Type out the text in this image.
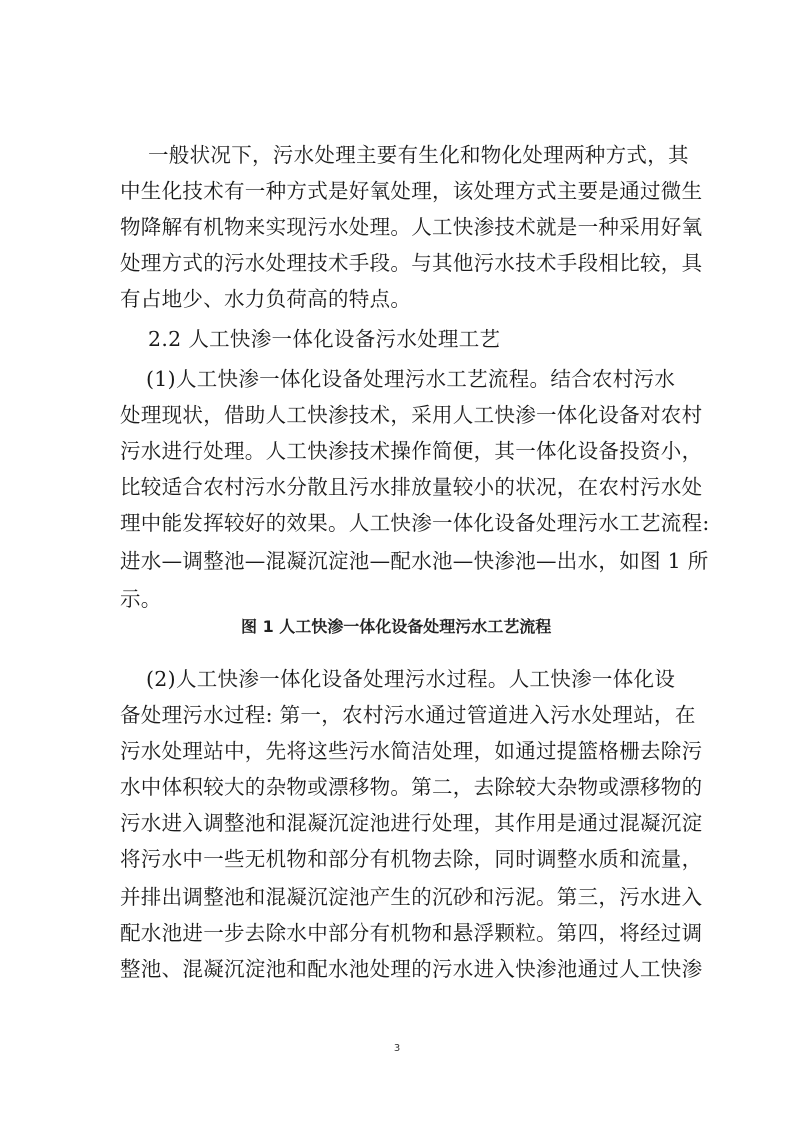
一般状况下，污水处理主要有生化和物化处理两种方式，其
中生化技术有一种方式是好氧处理，该处理方式主要是通过微生
物降解有机物来实现污水处理。人工快渗技术就是一种采用好氧
处理方式的污水处理技术手段。与其他污水技术手段相比较，具
有占地少、水力负荷高的特点。
2.2 人工快渗一体化设备污水处理工艺
(1)人工快渗一体化设备处理污水工艺流程。结合农村污水
处理现状，借助人工快渗技术，采用人工快渗一体化设备对农村
污水进行处理。人工快渗技术操作简便，其一体化设备投资小，
比较适合农村污水分散且污水排放量较小的状况，在农村污水处
理中能发挥较好的效果。人工快渗一体化设备处理污水工艺流程:
进水—调整池—混凝沉淀池—配水池—快渗池—出水，如图 1 所
示。
图 1 人工快渗一体化设备处理污水工艺流程
(2)人工快渗一体化设备处理污水过程。人工快渗一体化设
备处理污水过程: 第一，农村污水通过管道进入污水处理站，在
污水处理站中，先将这些污水简洁处理，如通过提篮格栅去除污
水中体积较大的杂物或漂移物。第二，去除较大杂物或漂移物的
污水进入调整池和混凝沉淀池进行处理，其作用是通过混凝沉淀
将污水中一些无机物和部分有机物去除，同时调整水质和流量，
并排出调整池和混凝沉淀池产生的沉砂和污泥。第三，污水进入
配水池进一步去除水中部分有机物和悬浮颗粒。第四，将经过调
整池、混凝沉淀池和配水池处理的污水进入快渗池通过人工快渗
3
